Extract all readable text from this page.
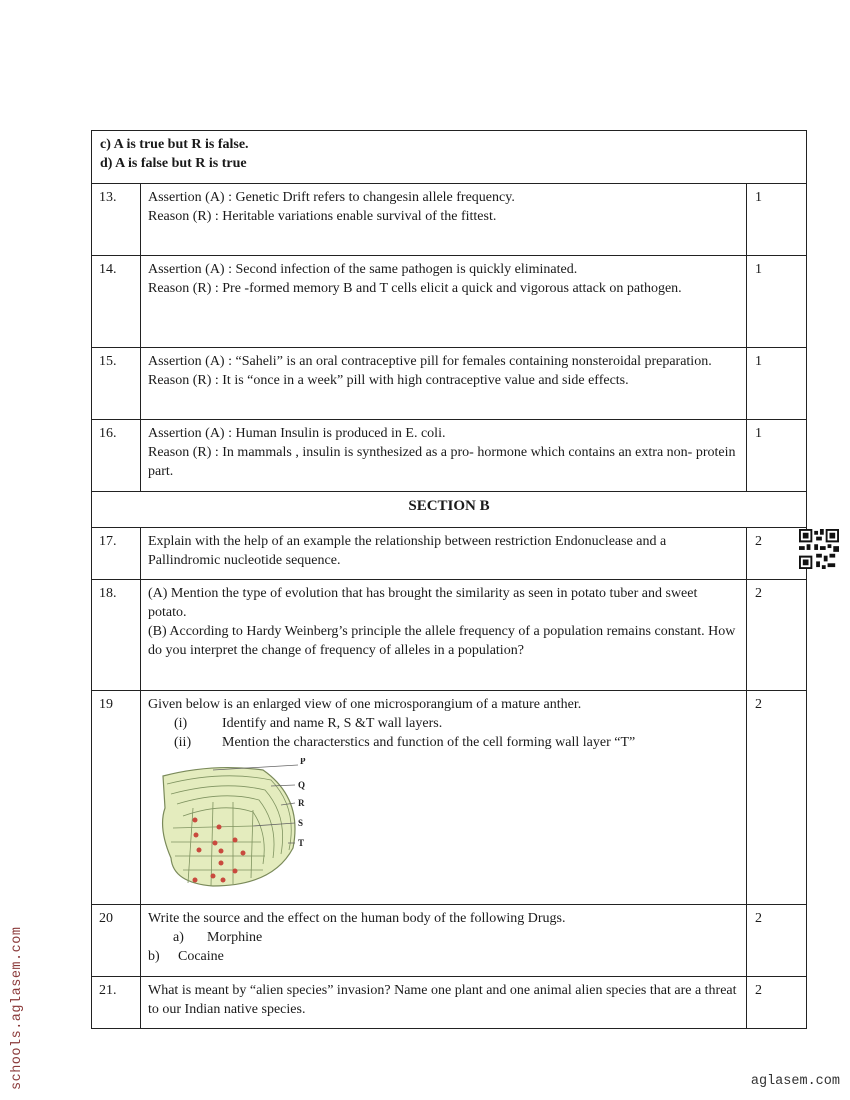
c) A is true but R is false.
d) A is false but R is true		

13.	Assertion (A) : Genetic Drift refers to changesin allele frequency.
Reason (R) : Heritable variations enable survival of the fittest.	1
14.	Assertion (A) : Second infection of the same pathogen is quickly eliminated.
Reason (R) : Pre -formed memory B and T cells elicit a quick and vigorous attack on pathogen.	1
15.	Assertion (A) : “Saheli” is an oral contraceptive pill for females containing nonsteroidal preparation.
Reason (R) : It is “once in a week” pill with high contraceptive value and side effects.	1
16.	Assertion (A) : Human Insulin is produced in E. coli.
Reason (R) : In mammals , insulin is synthesized as a pro- hormone which contains an extra non- protein part.	1
SECTION B		
17.	Explain with the help of an example the relationship between restriction Endonuclease and a Pallindromic nucleotide sequence.	2
18.	(A) Mention the type of evolution that has brought the similarity as seen in potato tuber and sweet potato.
(B) According to Hardy Weinberg’s principle the allele frequency of a population remains constant. How do you interpret the change of frequency of alleles in a population?	2
19	Given below is an enlarged view of one microsporangium of a mature anther.
(i)	Identify and name R, S &T wall layers.
(ii)	Mention the characterstics and function of the cell forming wall layer “T”
P
Q
R
S
T
	2
20	Write the source and the effect on the human body of the following Drugs.
a) Morphine
b) Cocaine	2
21.	What is meant by “alien species” invasion? Name one plant and one animal alien species that are a threat to our Indian native species.	2
schools.aglasem.com	aglasem.com
